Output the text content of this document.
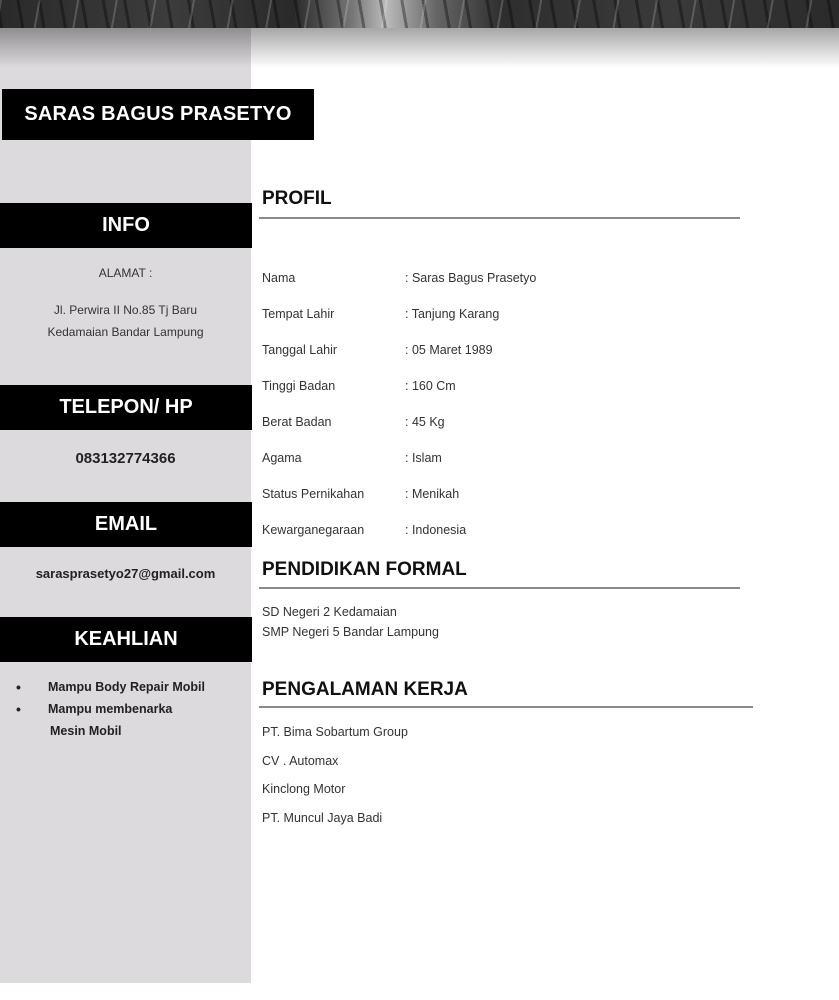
SARAS BAGUS PRASETYO
INFO
ALAMAT :
Jl. Perwira II No.85 Tj Baru
Kedamaian Bandar Lampung
TELEPON/ HP
083132774366
EMAIL
sarasprasetyo27@gmail.com
KEAHLIAN
•	Mampu Body Repair Mobil
•	Mampu membenarka
Mesin Mobil
PROFIL
Nama	: Saras Bagus Prasetyo
Tempat Lahir	: Tanjung Karang
Tanggal Lahir	: 05 Maret 1989
Tinggi Badan	: 160 Cm
Berat Badan	: 45 Kg
Agama	: Islam
Status Pernikahan	: Menikah
Kewarganegaraan	: Indonesia
PENDIDIKAN FORMAL
SD Negeri 2 Kedamaian
SMP Negeri 5 Bandar Lampung
PENGALAMAN KERJA
PT. Bima Sobartum Group
CV . Automax
Kinclong Motor
PT. Muncul Jaya Badi
